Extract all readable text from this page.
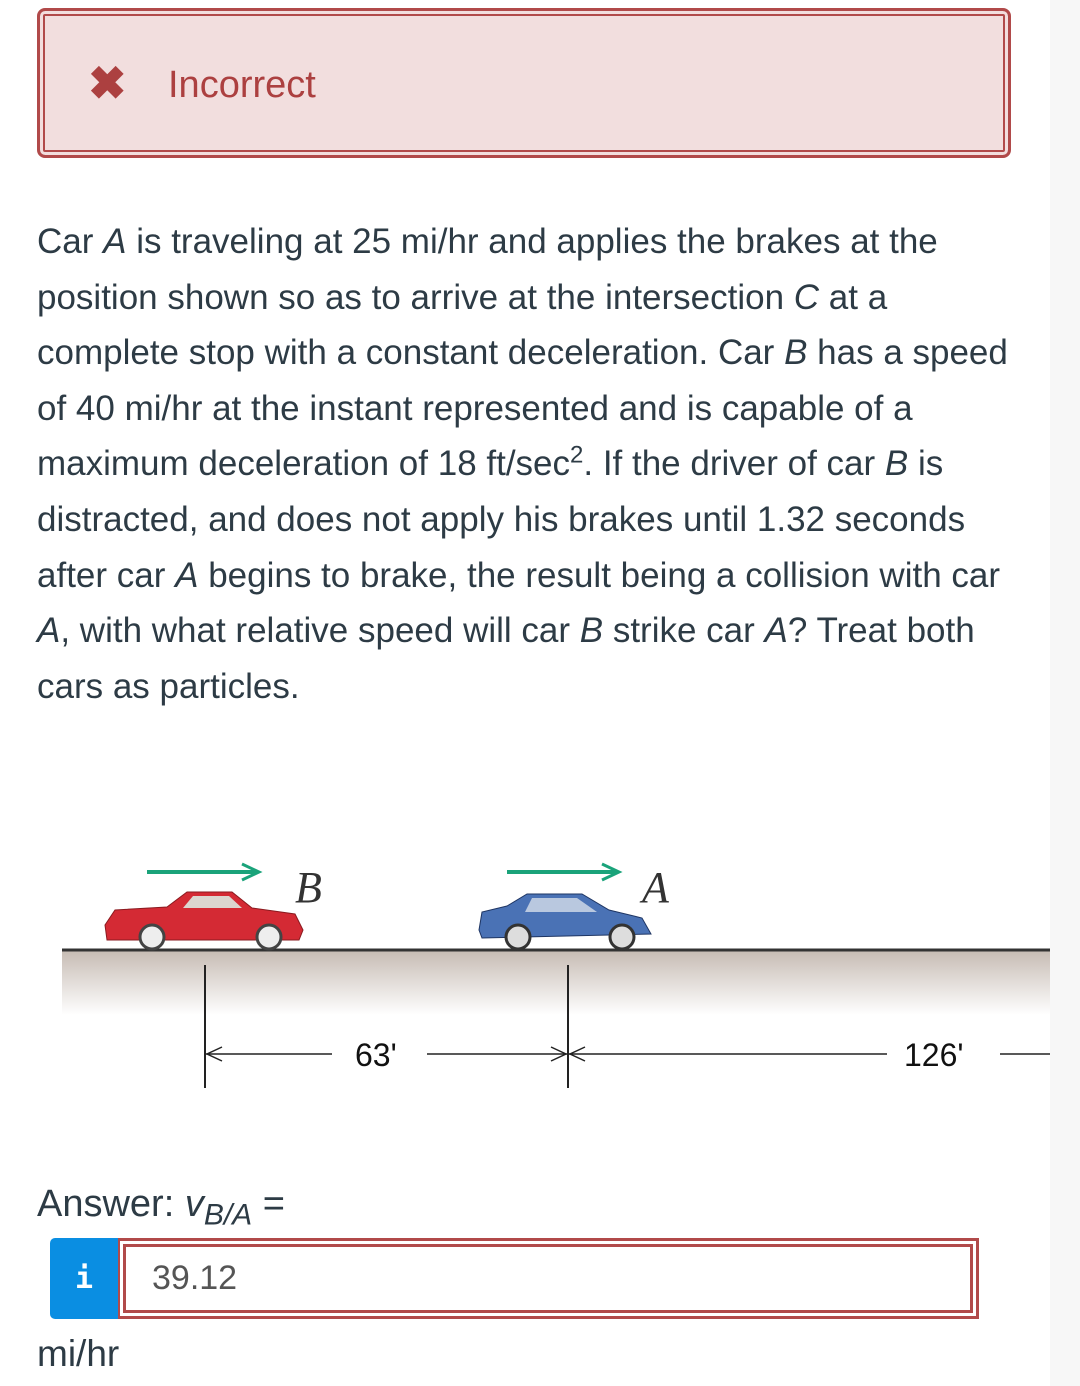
✖ Incorrect
Car A is traveling at 25 mi/hr and applies the brakes at the position shown so as to arrive at the intersection C at a complete stop with a constant deceleration. Car B has a speed of 40 mi/hr at the instant represented and is capable of a maximum deceleration of 18 $ft/\sec^2$. If the driver of car B is distracted, and does not apply his brakes until 1.32 seconds after car A begins to brake, the result being a collision with car A, with what relative speed will car B strike car A? Treat both cars as particles.
B	A
63'	126'
Answer: $v_{B/A}$ =
i
39.12
mi/hr
